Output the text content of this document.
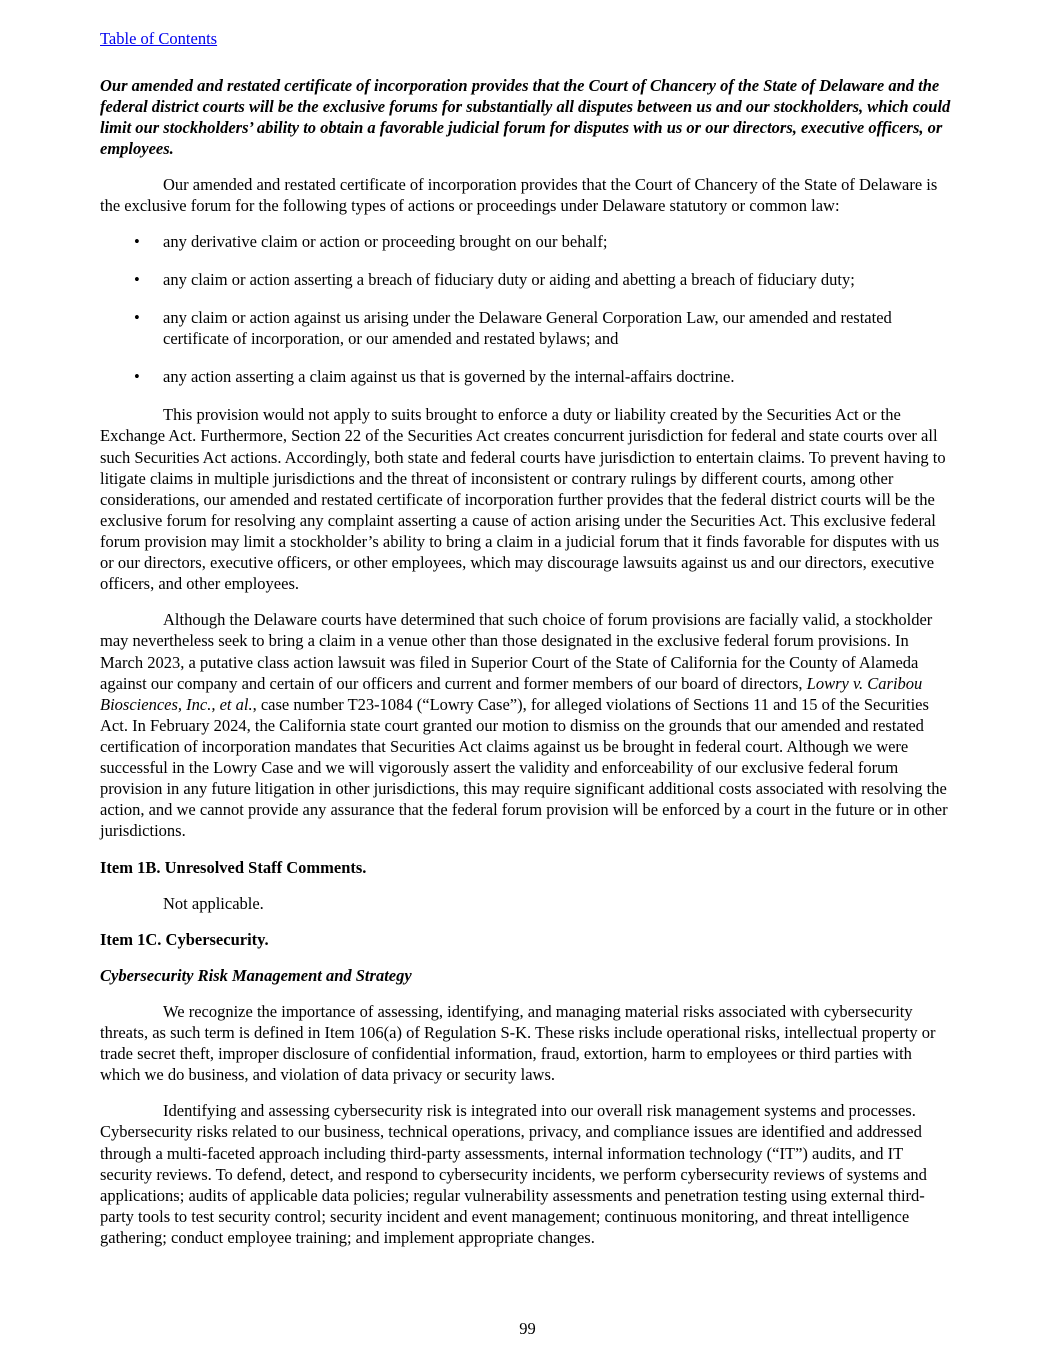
Table of Contents
Our amended and restated certificate of incorporation provides that the Court of Chancery of the State of Delaware and the federal district courts will be the exclusive forums for substantially all disputes between us and our stockholders, which could limit our stockholders’ ability to obtain a favorable judicial forum for disputes with us or our directors, executive officers, or employees.

Our amended and restated certificate of incorporation provides that the Court of Chancery of the State of Delaware is the exclusive forum for the following types of actions or proceedings under Delaware statutory or common law:

• any derivative claim or action or proceeding brought on our behalf;
• any claim or action asserting a breach of fiduciary duty or aiding and abetting a breach of fiduciary duty;
• any claim or action against us arising under the Delaware General Corporation Law, our amended and restated certificate of incorporation, or our amended and restated bylaws; and
• any action asserting a claim against us that is governed by the internal-affairs doctrine.

This provision would not apply to suits brought to enforce a duty or liability created by the Securities Act or the Exchange Act. Furthermore, Section 22 of the Securities Act creates concurrent jurisdiction for federal and state courts over all such Securities Act actions. Accordingly, both state and federal courts have jurisdiction to entertain claims. To prevent having to litigate claims in multiple jurisdictions and the threat of inconsistent or contrary rulings by different courts, among other considerations, our amended and restated certificate of incorporation further provides that the federal district courts will be the exclusive forum for resolving any complaint asserting a cause of action arising under the Securities Act. This exclusive federal forum provision may limit a stockholder’s ability to bring a claim in a judicial forum that it finds favorable for disputes with us or our directors, executive officers, or other employees, which may discourage lawsuits against us and our directors, executive officers, and other employees.

Although the Delaware courts have determined that such choice of forum provisions are facially valid, a stockholder may nevertheless seek to bring a claim in a venue other than those designated in the exclusive federal forum provisions. In March 2023, a putative class action lawsuit was filed in Superior Court of the State of California for the County of Alameda against our company and certain of our officers and current and former members of our board of directors, Lowry v. Caribou Biosciences, Inc., et al., case number T23-1084 (“Lowry Case”), for alleged violations of Sections 11 and 15 of the Securities Act. In February 2024, the California state court granted our motion to dismiss on the grounds that our amended and restated certification of incorporation mandates that Securities Act claims against us be brought in federal court. Although we were successful in the Lowry Case and we will vigorously assert the validity and enforceability of our exclusive federal forum provision in any future litigation in other jurisdictions, this may require significant additional costs associated with resolving the action, and we cannot provide any assurance that the federal forum provision will be enforced by a court in the future or in other jurisdictions.

Item 1B. Unresolved Staff Comments.

Not applicable.

Item 1C. Cybersecurity.
Cybersecurity Risk Management and Strategy

We recognize the importance of assessing, identifying, and managing material risks associated with cybersecurity threats, as such term is defined in Item 106(a) of Regulation S-K. These risks include operational risks, intellectual property or trade secret theft, improper disclosure of confidential information, fraud, extortion, harm to employees or third parties with which we do business, and violation of data privacy or security laws.

Identifying and assessing cybersecurity risk is integrated into our overall risk management systems and processes. Cybersecurity risks related to our business, technical operations, privacy, and compliance issues are identified and addressed through a multi-faceted approach including third-party assessments, internal information technology (“IT”) audits, and IT security reviews. To defend, detect, and respond to cybersecurity incidents, we perform cybersecurity reviews of systems and applications; audits of applicable data policies; regular vulnerability assessments and penetration testing using external third-party tools to test security control; security incident and event management; continuous monitoring, and threat intelligence gathering; conduct employee training; and implement appropriate changes.

99
